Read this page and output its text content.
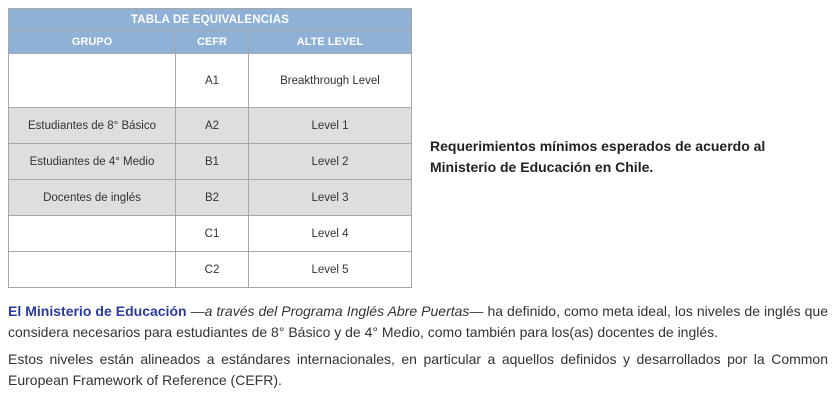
TABLA DE EQUIVALENCIAS		
GRUPO	CEFR	ALTE LEVEL
	A1	Breakthrough Level
Estudiantes de 8° Básico	A2	Level 1
Estudiantes de 4° Medio	B1	Level 2
Docentes de inglés	B2	Level 3
	C1	Level 4
	C2	Level 5
Requerimientos mínimos esperados de acuerdo al Ministerio de Educación en Chile.

El Ministerio de Educación —a través del Programa Inglés Abre Puertas— ha definido, como meta ideal, los niveles de inglés que considera necesarios para estudiantes de 8° Básico y de 4° Medio, como también para los(as) docentes de inglés.

Estos niveles están alineados a estándares internacionales, en particular a aquellos definidos y desarrollados por la Common European Framework of Reference (CEFR).
